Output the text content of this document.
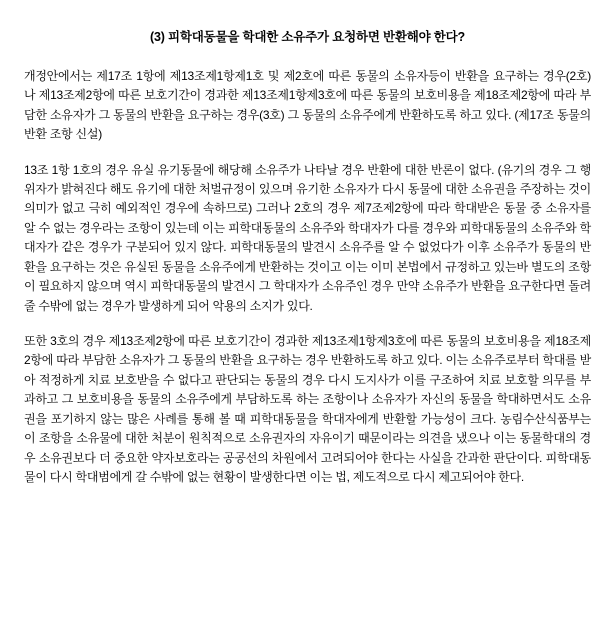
(3) 피학대동물을 학대한 소유주가 요청하면 반환해야 한다?

개정안에서는 제17조 1항에 제13조제1항제1호 및 제2호에 따른 동물의 소유자등이 반환을 요구하는 경우(2호) 나 제13조제2항에 따른 보호기간이 경과한 제13조제1항제3호에 따른 동물의 보호비용을 제18조제2항에 따라 부담한 소유자가 그 동물의 반환을 요구하는 경우(3호) 그 동물의 소유주에게 반환하도록 하고 있다. (제17조 동물의 반환 조항 신설)

13조 1항 1호의 경우 유실 유기동물에 해당해 소유주가 나타날 경우 반환에 대한 반론이 없다. (유기의 경우 그 행위자가 밝혀진다 해도 유기에 대한 처벌규정이 있으며 유기한 소유자가 다시 동물에 대한 소유권을 주장하는 것이 의미가 없고 극히 예외적인 경우에 속하므로) 그러나 2호의 경우 제7조제2항에 따라 학대받은 동물 중 소유자를 알 수 없는 경우라는 조항이 있는데 이는 피학대동물의 소유주와 학대자가 다를 경우와 피학대동물의 소유주와 학대자가 같은 경우가 구분되어 있지 않다. 피학대동물의 발견시 소유주를 알 수 없었다가 이후 소유주가 동물의 반환을 요구하는 것은 유실된 동물을 소유주에게 반환하는 것이고 이는 이미 본법에서 규정하고 있는바 별도의 조항이 필요하지 않으며 역시 피학대동물의 발견시 그 학대자가 소유주인 경우 만약 소유주가 반환을 요구한다면 돌려줄 수밖에 없는 경우가 발생하게 되어 악용의 소지가 있다.

또한 3호의 경우 제13조제2항에 따른 보호기간이 경과한 제13조제1항제3호에 따른 동물의 보호비용을 제18조제2항에 따라 부담한 소유자가 그 동물의 반환을 요구하는 경우 반환하도록 하고 있다. 이는 소유주로부터 학대를 받아 적정하게 치료 보호받을 수 없다고 판단되는 동물의 경우 다시 도지사가 이를 구조하여 치료 보호할 의무를 부과하고 그 보호비용을 동물의 소유주에게 부담하도록 하는 조항이나 소유자가 자신의 동물을 학대하면서도 소유권을 포기하지 않는 많은 사례를 통해 볼 때 피학대동물을 학대자에게 반환할 가능성이 크다. 농림수산식품부는 이 조항을 소유물에 대한 처분이 원칙적으로 소유권자의 자유이기 때문이라는 의견을 냈으나 이는 동물학대의 경우 소유권보다 더 중요한 약자보호라는 공공선의 차원에서 고려되어야 한다는 사실을 간과한 판단이다. 피학대동물이 다시 학대범에게 갈 수밖에 없는 현황이 발생한다면 이는 법, 제도적으로 다시 제고되어야 한다.
